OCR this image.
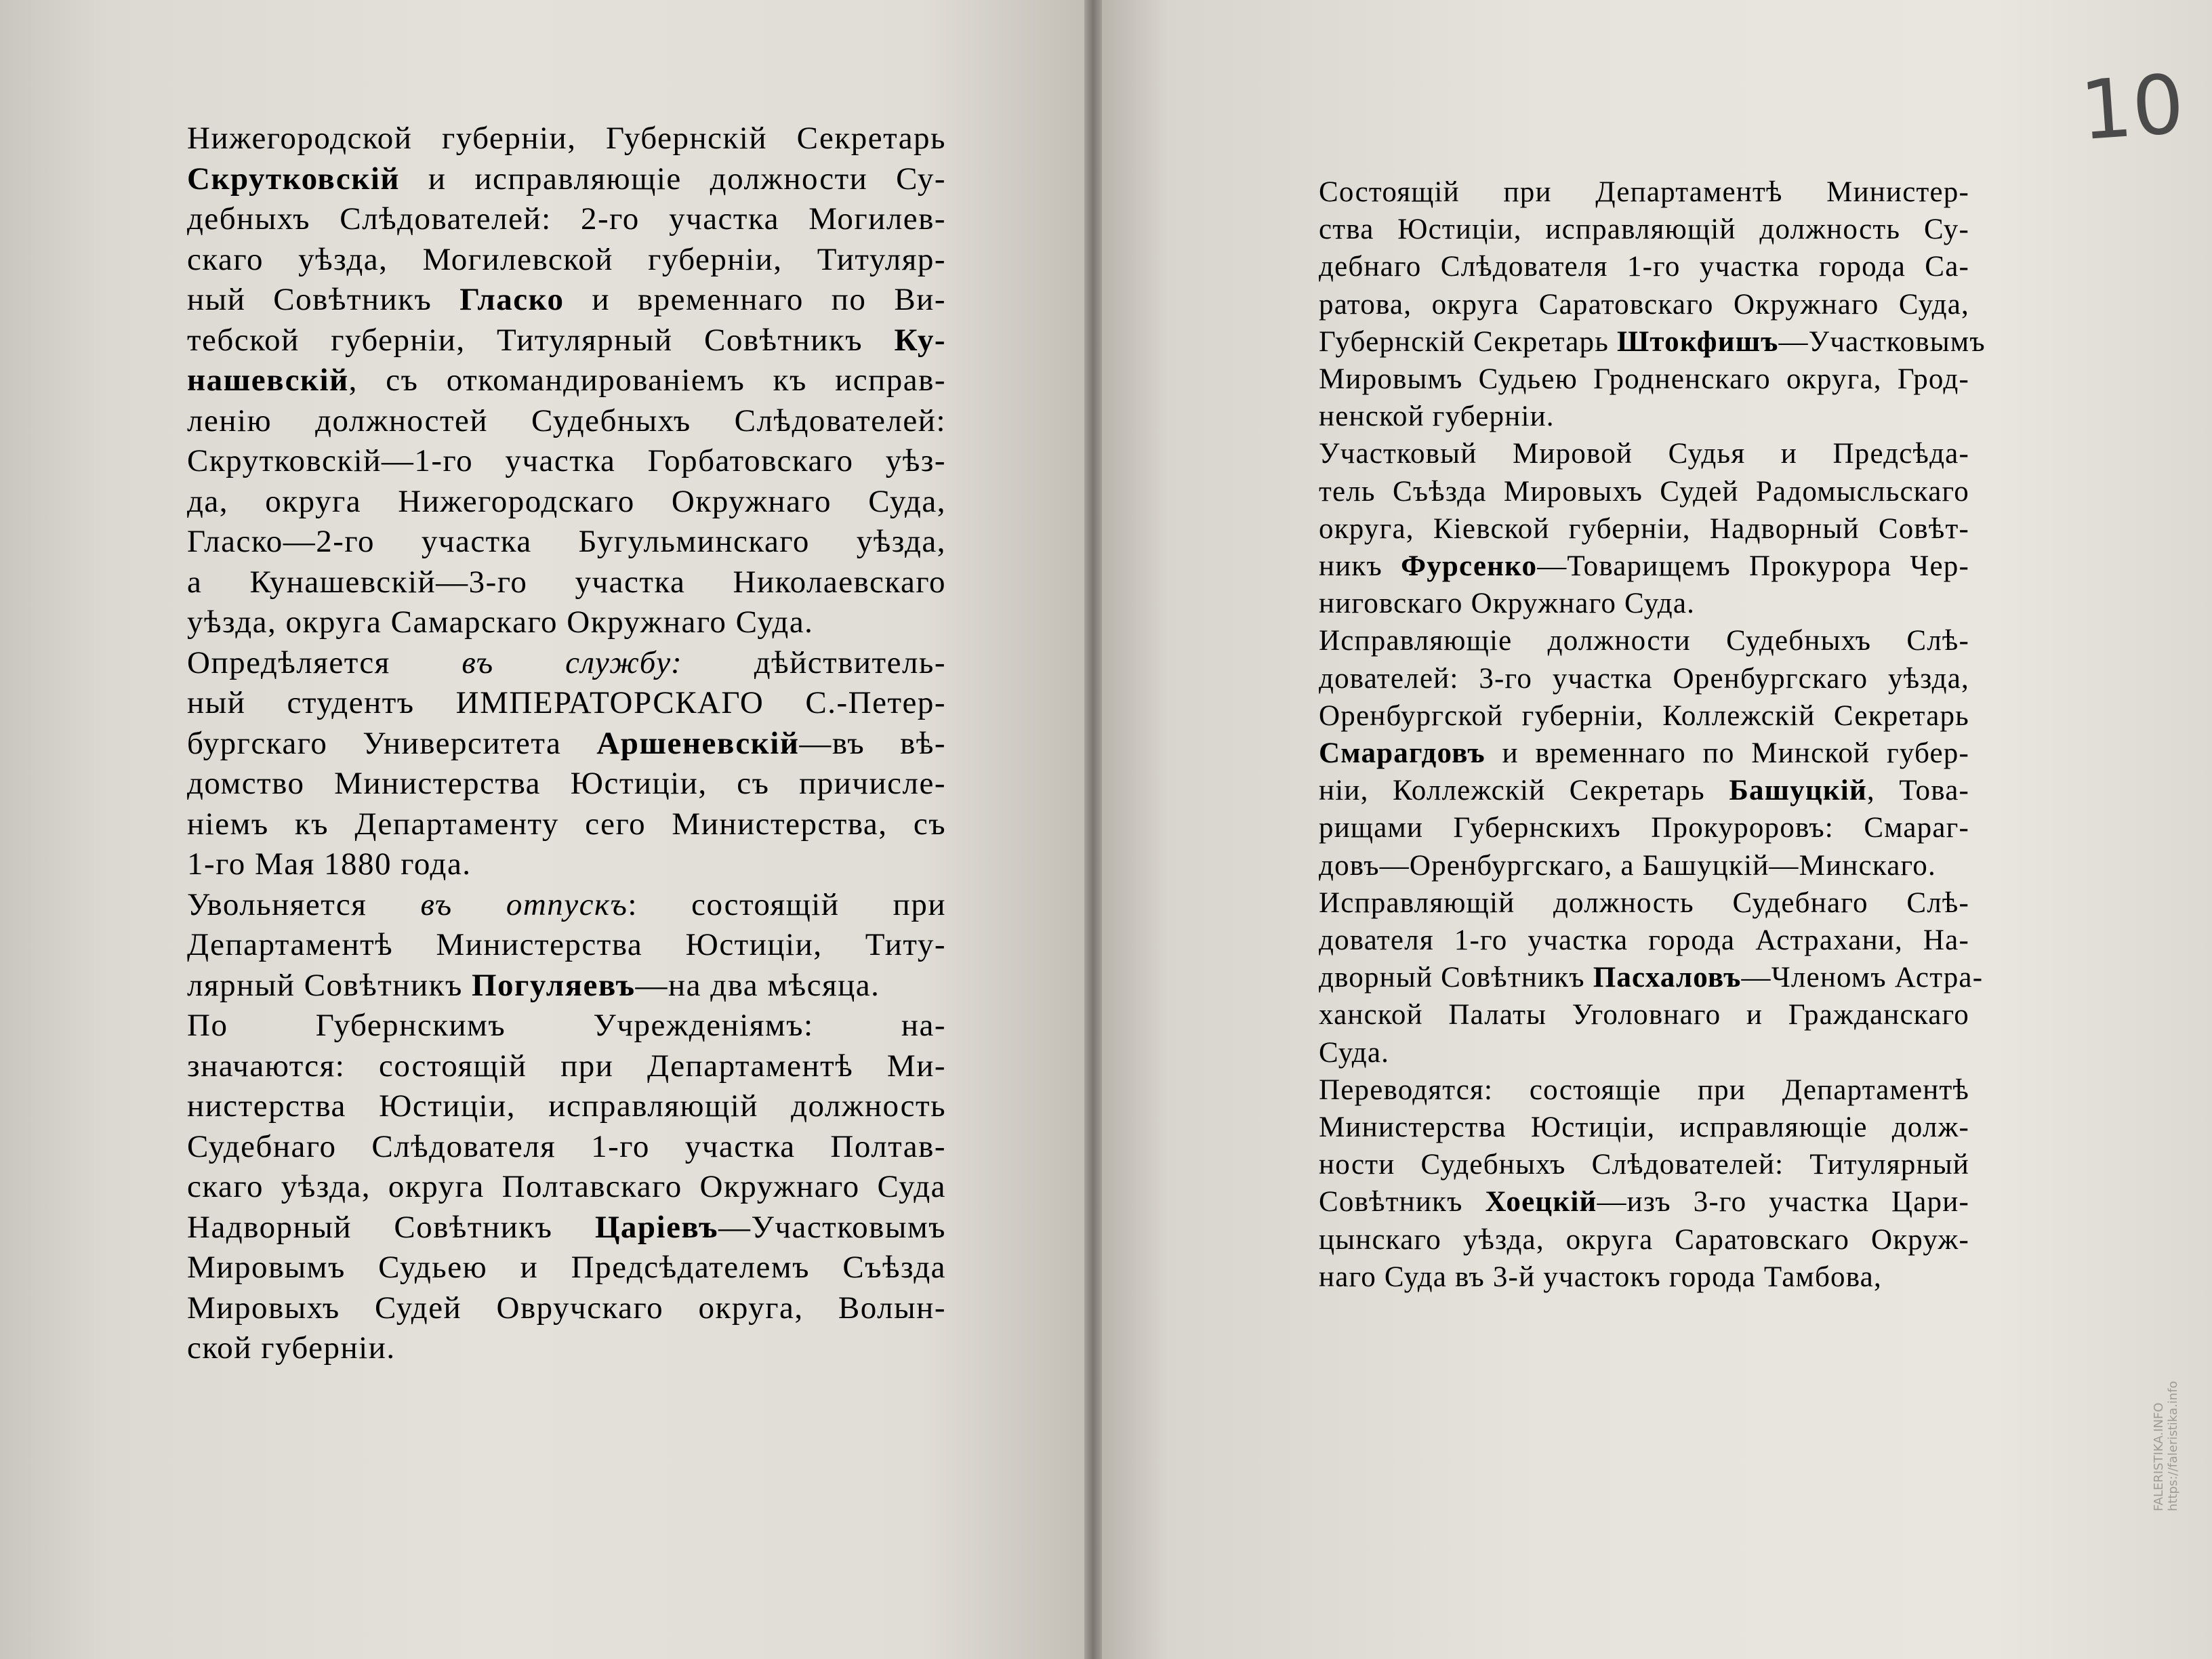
Нижегородской губерніи, Губернскій Секретарь
Скрутковскій и исправляющіе должности Су-
дебныхъ Слѣдователей: 2-го участка Могилев-
скаго уѣзда, Могилевской губерніи, Титуляр-
ный Совѣтникъ Гласко и временнаго по Ви-
тебской губерніи, Титулярный Совѣтникъ Ку-
нашевскій, съ откомандированіемъ къ исправ-
ленію должностей Судебныхъ Слѣдователей:
Скрутковскій—1-го участка Горбатовскаго уѣз-
да, округа Нижегородскаго Окружнаго Суда,
Гласко—2-го участка Бугульминскаго уѣзда,
а Кунашевскій—3-го участка Николаевскаго
уѣзда, округа Самарскаго Окружнаго Суда.
Опредѣляется въ службу: дѣйствитель-
ный студентъ ИМПЕРАТОРСКАГО С.-Петер-
бургскаго Университета Аршеневскій—въ вѣ-
домство Министерства Юстиціи, съ причисле-
ніемъ къ Департаменту сего Министерства, съ
1-го Мая 1880 года.
Увольняется въ отпускъ: состоящій при
Департаментѣ Министерства Юстиціи, Титу-
лярный Совѣтникъ Погуляевъ—на два мѣсяца.
По Губернскимъ Учрежденіямъ: на-
значаются: состоящій при Департаментѣ Ми-
нистерства Юстиціи, исправляющій должность
Судебнаго Слѣдователя 1-го участка Полтав-
скаго уѣзда, округа Полтавскаго Окружнаго Суда
Надворный Совѣтникъ Царіевъ—Участковымъ
Мировымъ Судьею и Предсѣдателемъ Съѣзда
Мировыхъ Судей Овручскаго округа, Волын-
ской губерніи.
Состоящій при Департаментѣ Министер-
ства Юстиціи, исправляющій должность Су-
дебнаго Слѣдователя 1-го участка города Са-
ратова, округа Саратовскаго Окружнаго Суда,
Губернскій Секретарь Штокфишъ—Участковымъ
Мировымъ Судьею Гродненскаго округа, Грод-
ненской губерніи.
Участковый Мировой Судья и Предсѣда-
тель Съѣзда Мировыхъ Судей Радомысльскаго
округа, Кіевской губерніи, Надворный Совѣт-
никъ Фурсенко—Товарищемъ Прокурора Чер-
ниговскаго Окружнаго Суда.
Исправляющіе должности Судебныхъ Слѣ-
дователей: 3-го участка Оренбургскаго уѣзда,
Оренбургской губерніи, Коллежскій Секретарь
Смарагдовъ и временнаго по Минской губер-
ніи, Коллежскій Секретарь Башуцкій, Това-
рищами Губернскихъ Прокуроровъ: Смараг-
довъ—Оренбургскаго, а Башуцкій—Минскаго.
Исправляющій должность Судебнаго Слѣ-
дователя 1-го участка города Астрахани, На-
дворный Совѣтникъ Пасхаловъ—Членомъ Астра-
ханской Палаты Уголовнаго и Гражданскаго
Суда.
Переводятся: состоящіе при Департаментѣ
Министерства Юстиціи, исправляющіе долж-
ности Судебныхъ Слѣдователей: Титулярный
Совѣтникъ Хоецкій—изъ 3-го участка Цари-
цынскаго уѣзда, округа Саратовскаго Окруж-
наго Суда въ 3-й участокъ города Тамбова,
10
